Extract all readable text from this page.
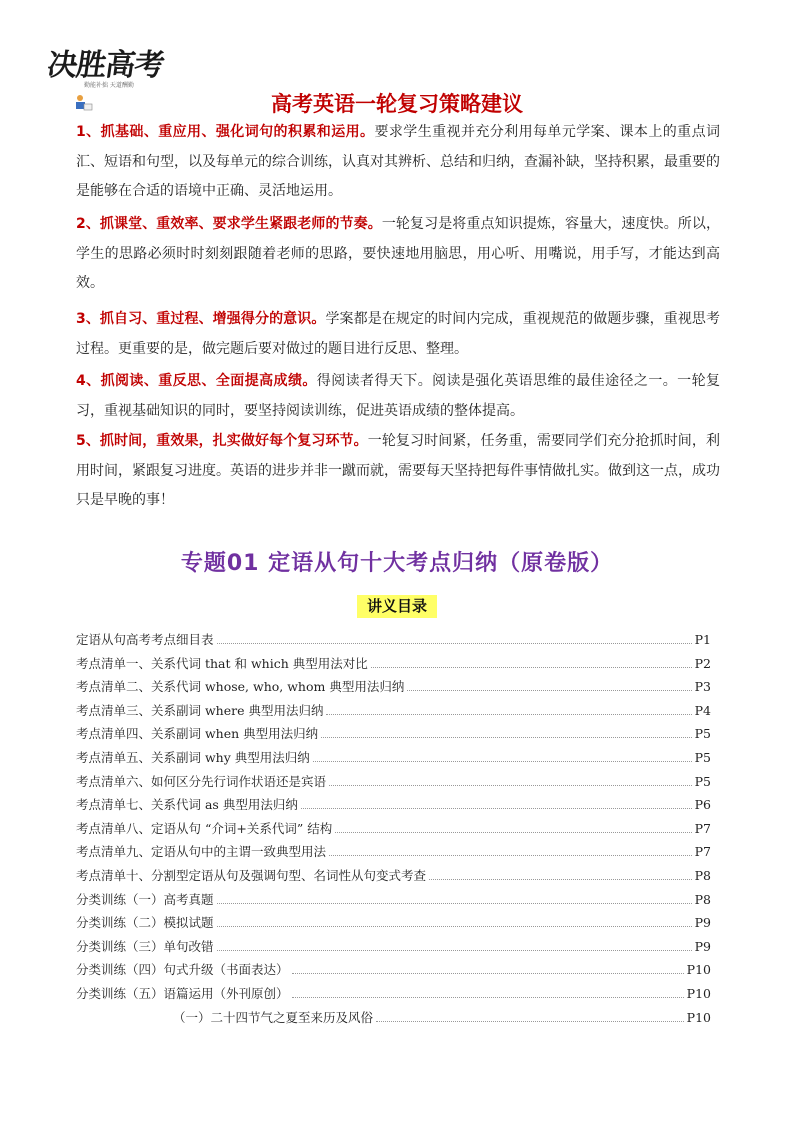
决胜高考
勤能补拙 天道酬勤
高考英语一轮复习策略建议
1、抓基础、重应用、强化词句的积累和运用。要求学生重视并充分利用每单元学案、课本上的重点词汇、短语和句型，以及每单元的综合训练，认真对其辨析、总结和归纳，查漏补缺，坚持积累，最重要的是能够在合适的语境中正确、灵活地运用。
2、抓课堂、重效率、要求学生紧跟老师的节奏。一轮复习是将重点知识提炼，容量大，速度快。所以，学生的思路必须时时刻刻跟随着老师的思路，要快速地用脑思，用心听、用嘴说，用手写，才能达到高效。
3、抓自习、重过程、增强得分的意识。学案都是在规定的时间内完成，重视规范的做题步骤，重视思考过程。更重要的是，做完题后要对做过的题目进行反思、整理。
4、抓阅读、重反思、全面提高成绩。得阅读者得天下。阅读是强化英语思维的最佳途径之一。一轮复习，重视基础知识的同时，要坚持阅读训练，促进英语成绩的整体提高。
5、抓时间，重效果，扎实做好每个复习环节。一轮复习时间紧，任务重，需要同学们充分抢抓时间，利用时间，紧跟复习进度。英语的进步并非一蹴而就，需要每天坚持把每件事情做扎实。做到这一点，成功只是早晚的事！
专题01 定语从句十大考点归纳（原卷版）
讲义目录
定语从句高考考点细目表	P1
考点清单一、关系代词 that 和 which 典型用法对比	P2
考点清单二、关系代词 whose, who, whom 典型用法归纳	P3
考点清单三、关系副词 where 典型用法归纳	P4
考点清单四、关系副词 when 典型用法归纳	P5
考点清单五、关系副词 why 典型用法归纳	P5
考点清单六、如何区分先行词作状语还是宾语	P5
考点清单七、关系代词 as 典型用法归纳	P6
考点清单八、定语从句 “介词+关系代词” 结构	P7
考点清单九、定语从句中的主谓一致典型用法	P7
考点清单十、分割型定语从句及强调句型、名词性从句变式考查	P8
分类训练（一）高考真题	P8
分类训练（二）模拟试题	P9
分类训练（三）单句改错	P9
分类训练（四）句式升级（书面表达）	P10
分类训练（五）语篇运用（外刊原创）	P10
（一）二十四节气之夏至来历及风俗	P10
